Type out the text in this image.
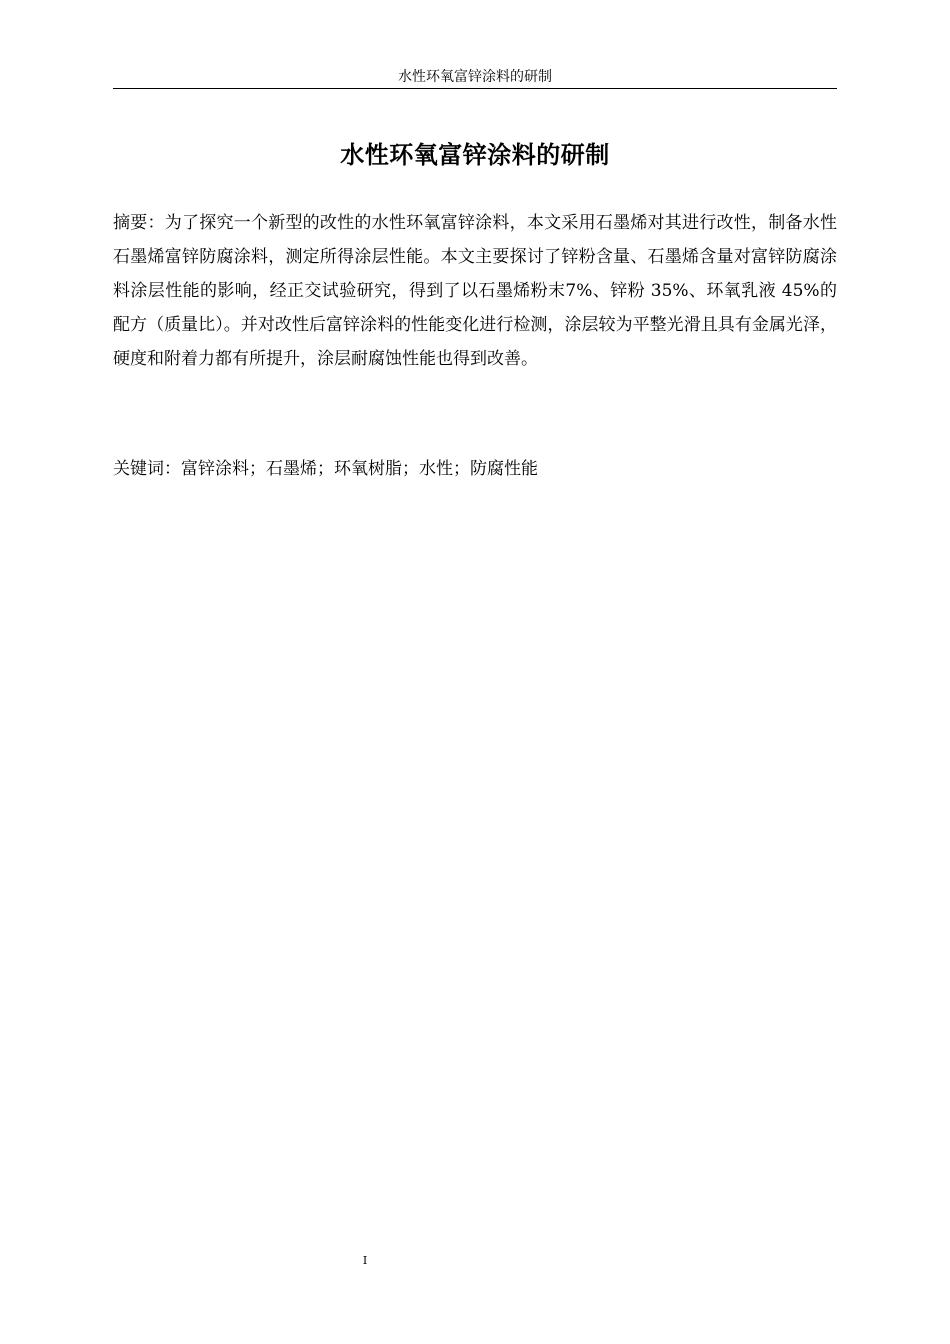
水性环氧富锌涂料的研制
水性环氧富锌涂料的研制

摘要：为了探究一个新型的改性的水性环氧富锌涂料，本文采用石墨烯对其进行改性，制备水性石墨烯富锌防腐涂料，测定所得涂层性能。本文主要探讨了锌粉含量、石墨烯含量对富锌防腐涂料涂层性能的影响，经正交试验研究，得到了以石墨烯粉末7%、锌粉 35%、环氧乳液 45%的配方（质量比）。并对改性后富锌涂料的性能变化进行检测，涂层较为平整光滑且具有金属光泽，硬度和附着力都有所提升，涂层耐腐蚀性能也得到改善。

关键词：富锌涂料；石墨烯；环氧树脂；水性；防腐性能

I
